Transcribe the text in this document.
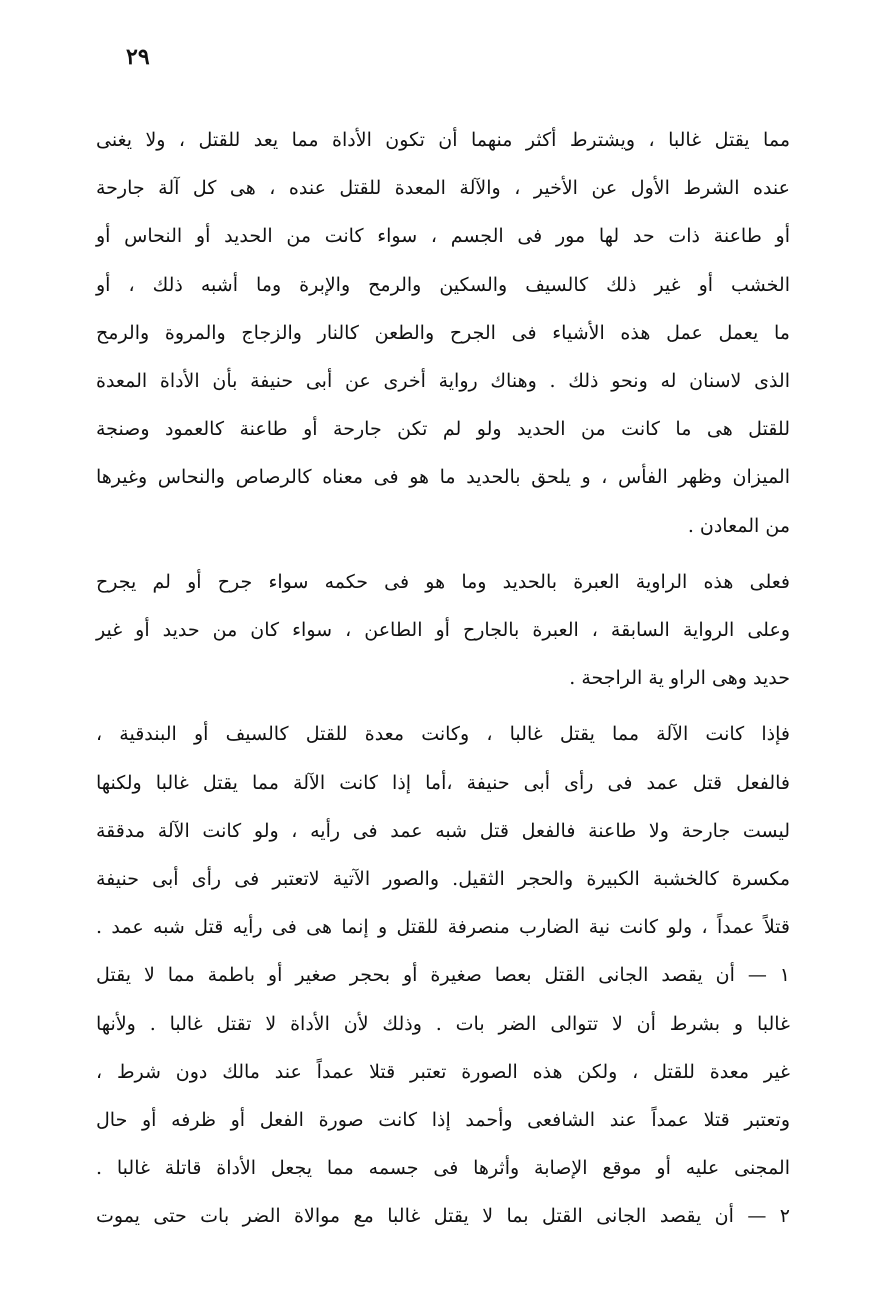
٢٩
مما يقتل غالبا ، ويشترط أكثر منهما أن تكون الأداة مما يعد للقتل ، ولا يغنى
عنده الشرط الأول عن الأخير ، والآلة المعدة للقتل عنده ، هى كل آلة جارحة
أو طاعنة ذات حد لها مور فى الجسم ، سواء كانت من الحديد أو النحاس أو
الخشب أو غير ذلك كالسيف والسكين والرمح والإبرة وما أشبه ذلك ، أو
ما يعمل عمل هذه الأشياء فى الجرح والطعن كالنار والزجاج والمروة والرمح
الذى لاسنان له ونحو ذلك . وهناك رواية أخرى عن أبى حنيفة بأن الأداة المعدة
للقتل هى ما كانت من الحديد ولو لم تكن جارحة أو طاعنة كالعمود وصنجة
الميزان وظهر الفأس ، و يلحق بالحديد ما هو فى معناه كالرصاص والنحاس وغيرها
من المعادن .
فعلى هذه الراوية العبرة بالحديد وما هو فى حكمه سواء جرح أو لم يجرح
وعلى الرواية السابقة ، العبرة بالجارح أو الطاعن ، سواء كان من حديد أو غير
حديد وهى الراو ية الراجحة .
فإذا كانت الآلة مما يقتل غالبا ، وكانت معدة للقتل كالسيف أو البندقية ،
فالفعل قتل عمد فى رأى أبى حنيفة ،أما إذا كانت الآلة مما يقتل غالبا ولكنها
ليست جارحة ولا طاعنة فالفعل قتل شبه عمد فى رأيه ، ولو كانت الآلة مدققة
مكسرة كالخشبة الكبيرة والحجر الثقيل. والصور الآتية لاتعتبر فى رأى أبى حنيفة
قتلاً عمداً ، ولو كانت نية الضارب منصرفة للقتل و إنما هى فى رأيه قتل شبه عمد .
١ — أن يقصد الجانى القتل بعصا صغيرة أو بحجر صغير أو باطمة مما لا يقتل
غالبا و بشرط أن لا تتوالى الضر بات . وذلك لأن الأداة لا تقتل غالبا . ولأنها
غير معدة للقتل ، ولكن هذه الصورة تعتبر قتلا عمداً عند مالك دون شرط ،
وتعتبر قتلا عمداً عند الشافعى وأحمد إذا كانت صورة الفعل أو ظرفه أو حال
المجنى عليه أو موقع الإصابة وأثرها فى جسمه مما يجعل الأداة قاتلة غالبا .
٢ — أن يقصد الجانى القتل بما لا يقتل غالبا مع موالاة الضر بات حتى يموت
